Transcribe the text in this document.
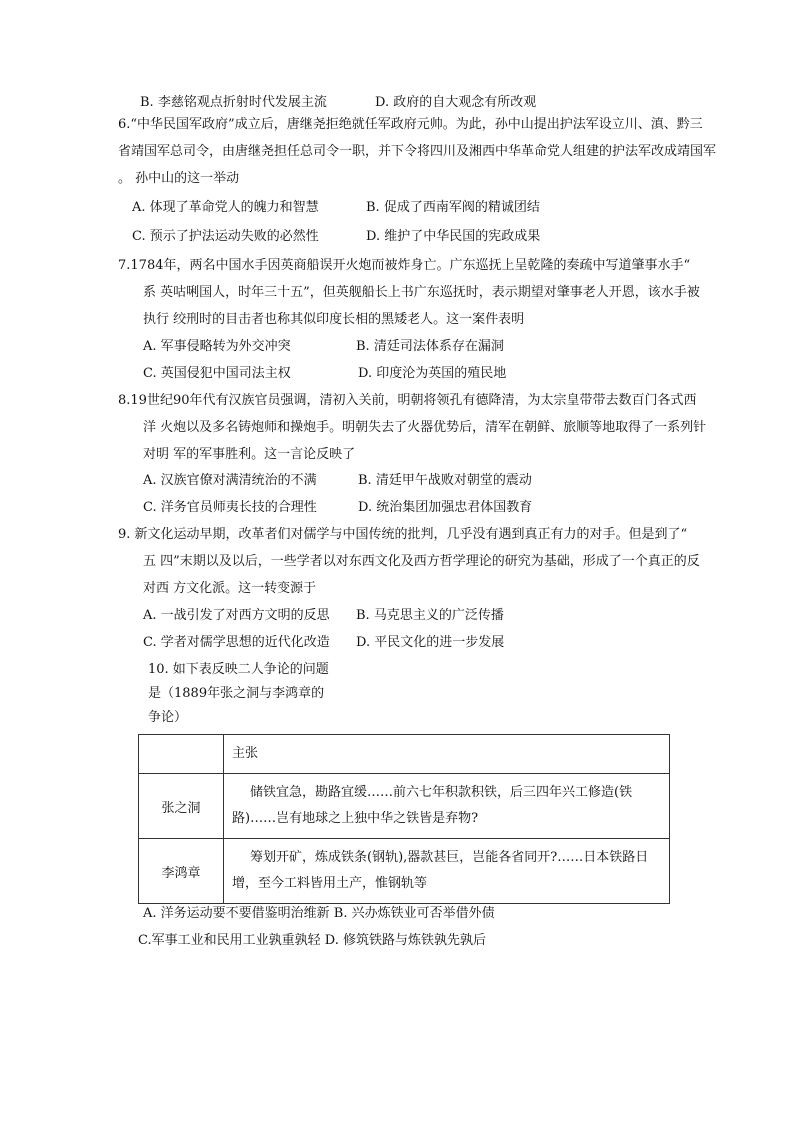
B. 李慈铭观点折射时代发展主流	D. 政府的自大观念有所改观
6.“中华民国军政府”成立后，唐继尧拒绝就任军政府元帅。为此，孙中山提出护法军设立川、滇、黔三
省靖国军总司令，由唐继尧担任总司令一职，并下令将四川及湘西中华革命党人组建的护法军改成靖国军
。 孙中山的这一举动
A. 体现了革命党人的魄力和智慧	B. 促成了西南军阀的精诚团结
C. 预示了护法运动失败的必然性	D. 维护了中华民国的宪政成果
7.1784年，两名中国水手因英商船误开火炮而被炸身亡。广东巡抚上呈乾隆的奏疏中写道肇事水手“
系 英咕唎国人，时年三十五”，但英舰船长上书广东巡抚时，表示期望对肇事老人开恩，该水手被
执行 绞刑时的目击者也称其似印度长相的黑矮老人。这一案件表明
A. 军事侵略转为外交冲突	B. 清廷司法体系存在漏洞
C. 英国侵犯中国司法主权	D. 印度沦为英国的殖民地
8.19世纪90年代有汉族官员强调，清初入关前，明朝将领孔有德降清，为太宗皇带带去数百门各式西
洋 火炮以及多名铸炮师和操炮手。明朝失去了火器优势后，清军在朝鲜、旅顺等地取得了一系列针
对明 军的军事胜利。这一言论反映了
A. 汉族官僚对满清统治的不满	B. 清廷甲午战败对朝堂的震动
C. 洋务官员师夷长技的合理性	D. 统治集团加强忠君体国教育
9. 新文化运动早期，改革者们对儒学与中国传统的批判，几乎没有遇到真正有力的对手。但是到了“
五 四”末期以及以后，一些学者以对东西文化及西方哲学理论的研究为基础，形成了一个真正的反
对西 方文化派。这一转变源于
A. 一战引发了对西方文明的反思 B. 马克思主义的广泛传播
C. 学者对儒学思想的近代化改造 D. 平民文化的进一步发展
10. 如下表反映二人争论的问题
是（1889年张之洞与李鸿章的
争论）
	主张
张之洞	储铁宜急，勘路宜缓……前六七年积款积铁，后三四年兴工修造(铁路)……岂有地球之上独中华之铁皆是弃物?
李鸿章	筹划开矿，炼成铁条(钢轨),器款甚巨，岂能各省同开?……日本铁路日增，至今工料皆用土产，惟钢轨等
A. 洋务运动要不要借鉴明治维新 B. 兴办炼铁业可否举借外债
C.军事工业和民用工业孰重孰轻 D. 修筑铁路与炼铁孰先孰后
